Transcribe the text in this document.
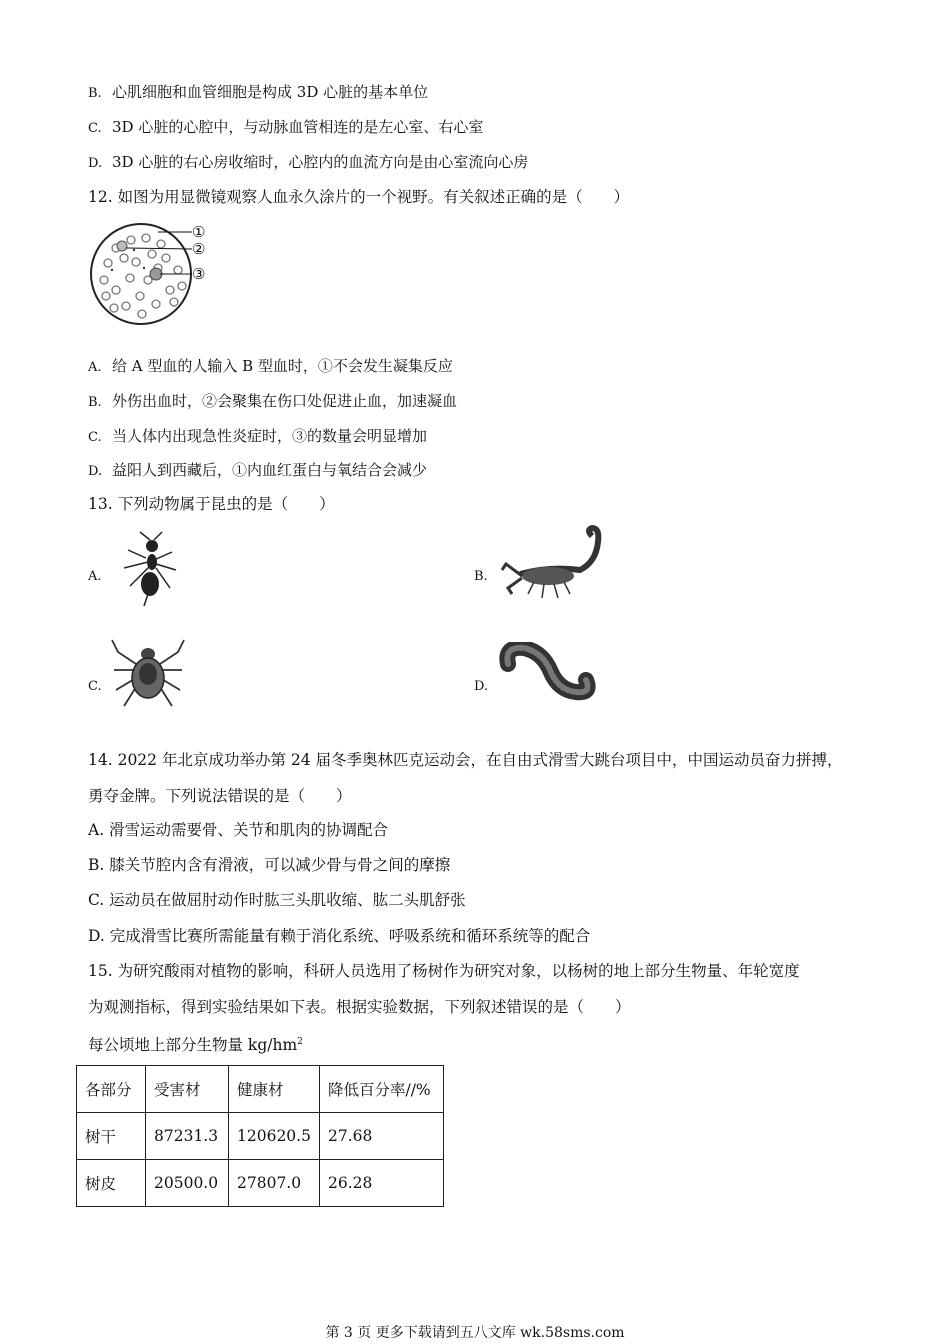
B. 心肌细胞和血管细胞是构成 3D 心脏的基本单位
C. 3D 心脏的心腔中，与动脉血管相连的是左心室、右心室
D. 3D 心脏的右心房收缩时，心腔内的血流方向是由心室流向心房
12. 如图为用显微镜观察人血永久涂片的一个视野。有关叙述正确的是（　　）
①
②
③
A. 给 A 型血的人输入 B 型血时，①不会发生凝集反应
B. 外伤出血时，②会聚集在伤口处促进止血，加速凝血
C. 当人体内出现急性炎症时，③的数量会明显增加
D. 益阳人到西藏后，①内血红蛋白与氧结合会减少
13. 下列动物属于昆虫的是（　　）
A.	B.
C.	D.
14. 2022 年北京成功举办第 24 届冬季奥林匹克运动会，在自由式滑雪大跳台项目中，中国运动员奋力拼搏，
勇夺金牌。下列说法错误的是（　　）
A. 滑雪运动需要骨、关节和肌肉的协调配合
B. 膝关节腔内含有滑液，可以减少骨与骨之间的摩擦
C. 运动员在做屈肘动作时肱三头肌收缩、肱二头肌舒张
D. 完成滑雪比赛所需能量有赖于消化系统、呼吸系统和循环系统等的配合
15. 为研究酸雨对植物的影响，科研人员选用了杨树作为研究对象，以杨树的地上部分生物量、年轮宽度
为观测指标，得到实验结果如下表。根据实验数据，下列叙述错误的是（　　）
每公顷地上部分生物量 $kg/hm^2$
各部分	受害材	健康材	降低百分率//%
树干	87231.3	120620.5	27.68
树皮	20500.0	27807.0	26.28
第 3 页 更多下载请到五八文库 wk.58sms.com
